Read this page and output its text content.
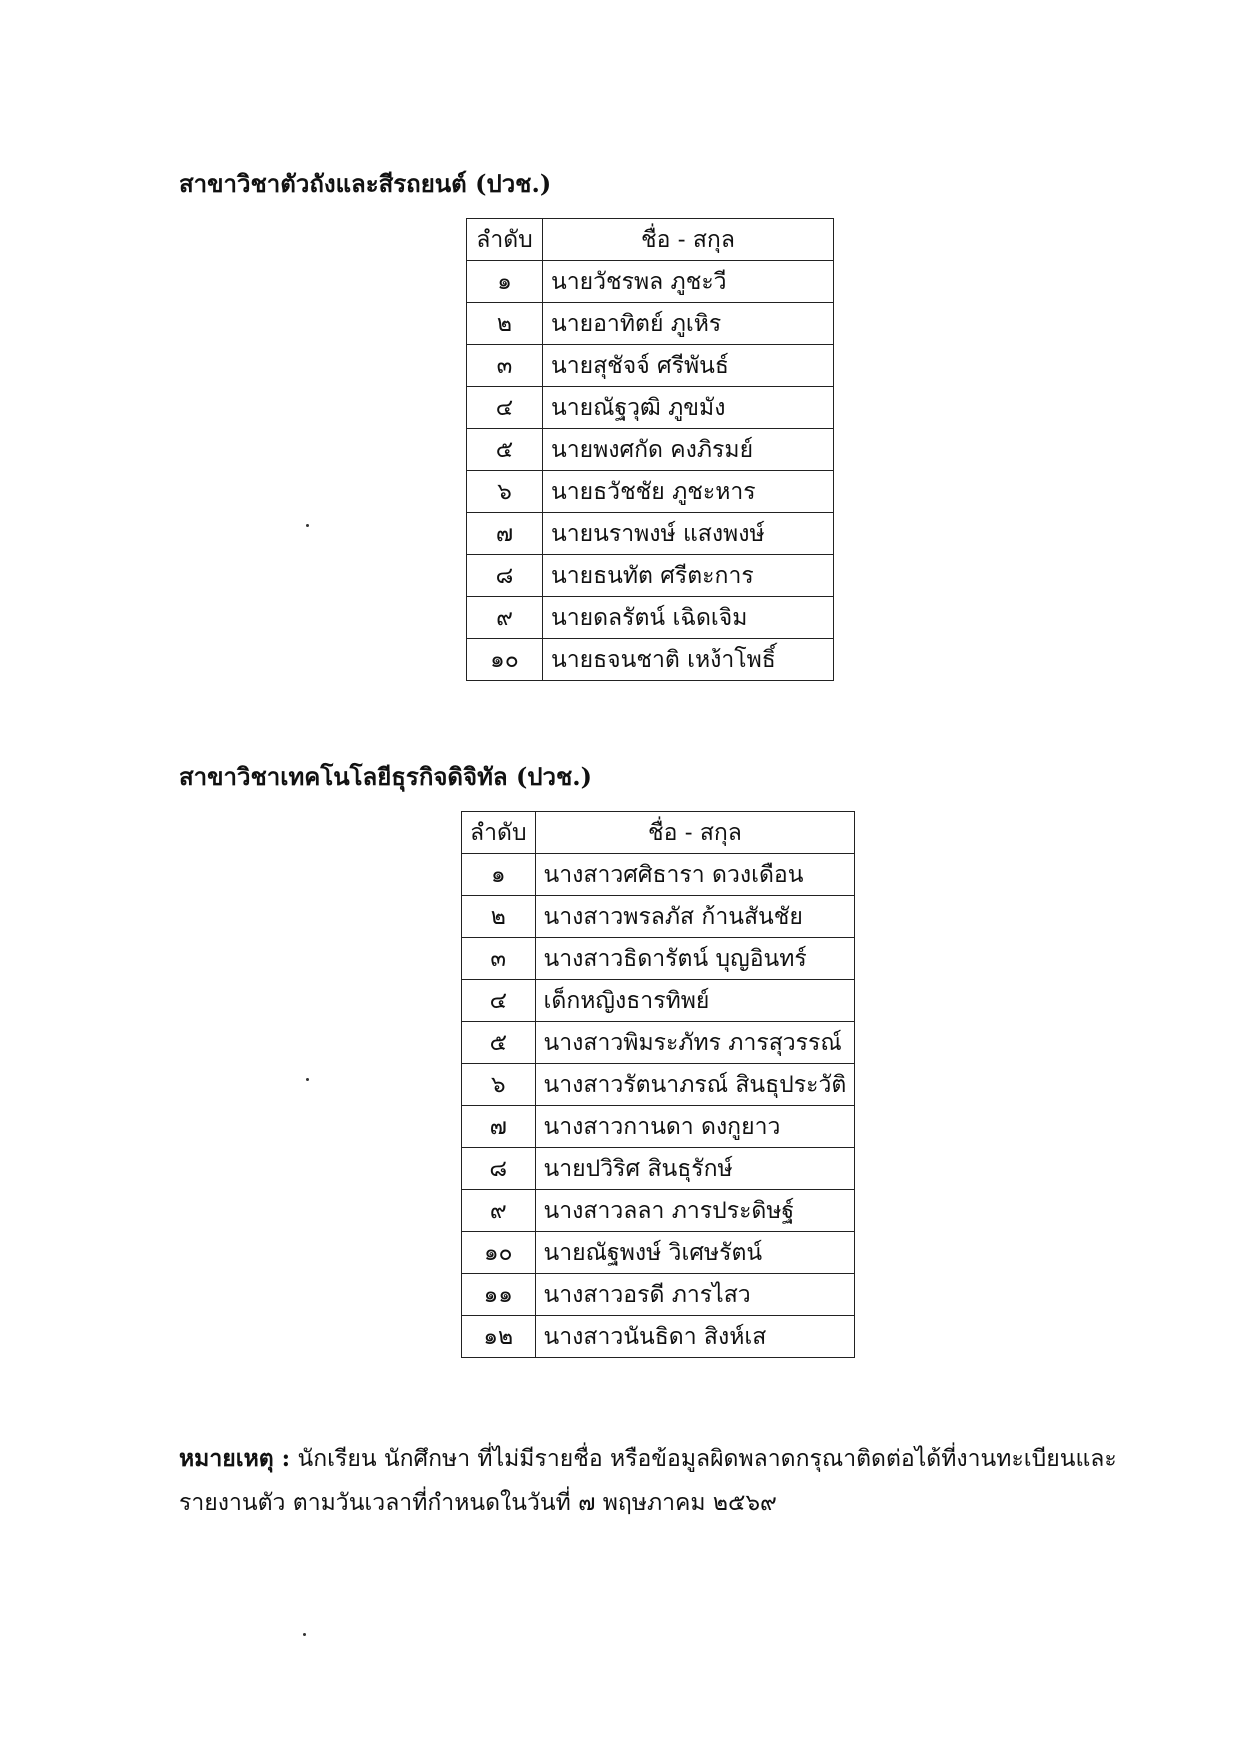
สาขาวิชาตัวถังและสีรถยนต์ (ปวช.)
ลำดับ	ชื่อ - สกุล
๑	นายวัชรพล ภูชะวี
๒	นายอาทิตย์ ภูเหิร
๓	นายสุชัจจ์ ศรีพันธ์
๔	นายณัฐวุฒิ ภูขมัง
๕	นายพงศกัด คงภิรมย์
๖	นายธวัชชัย ภูชะหาร
๗	นายนราพงษ์ แสงพงษ์
๘	นายธนทัต ศรีตะการ
๙	นายดลรัตน์ เฉิดเจิม
๑๐	นายธจนชาติ เหง้าโพธิ์
สาขาวิชาเทคโนโลยีธุรกิจดิจิทัล (ปวช.)
ลำดับ	ชื่อ - สกุล
๑	นางสาวศศิธารา ดวงเดือน
๒	นางสาวพรลภัส ก้านสันชัย
๓	นางสาวธิดารัตน์ บุญอินทร์
๔	เด็กหญิงธารทิพย์
๕	นางสาวพิมระภัทร ภารสุวรรณ์
๖	นางสาวรัตนาภรณ์ สินธุประวัติ
๗	นางสาวกานดา ดงกูยาว
๘	นายปวิริศ สินธุรักษ์
๙	นางสาวลลา ภารประดิษฐ์
๑๐	นายณัฐพงษ์ วิเศษรัตน์
๑๑	นางสาวอรดี ภารไสว
๑๒	นางสาวนันธิดา สิงห์เส

หมายเหตุ : นักเรียน นักศึกษา ที่ไม่มีรายชื่อ หรือข้อมูลผิดพลาดกรุณาติดต่อได้ที่งานทะเบียนและรายงานตัว ตามวันเวลาที่กำหนดในวันที่ ๗ พฤษภาคม ๒๕๖๙
